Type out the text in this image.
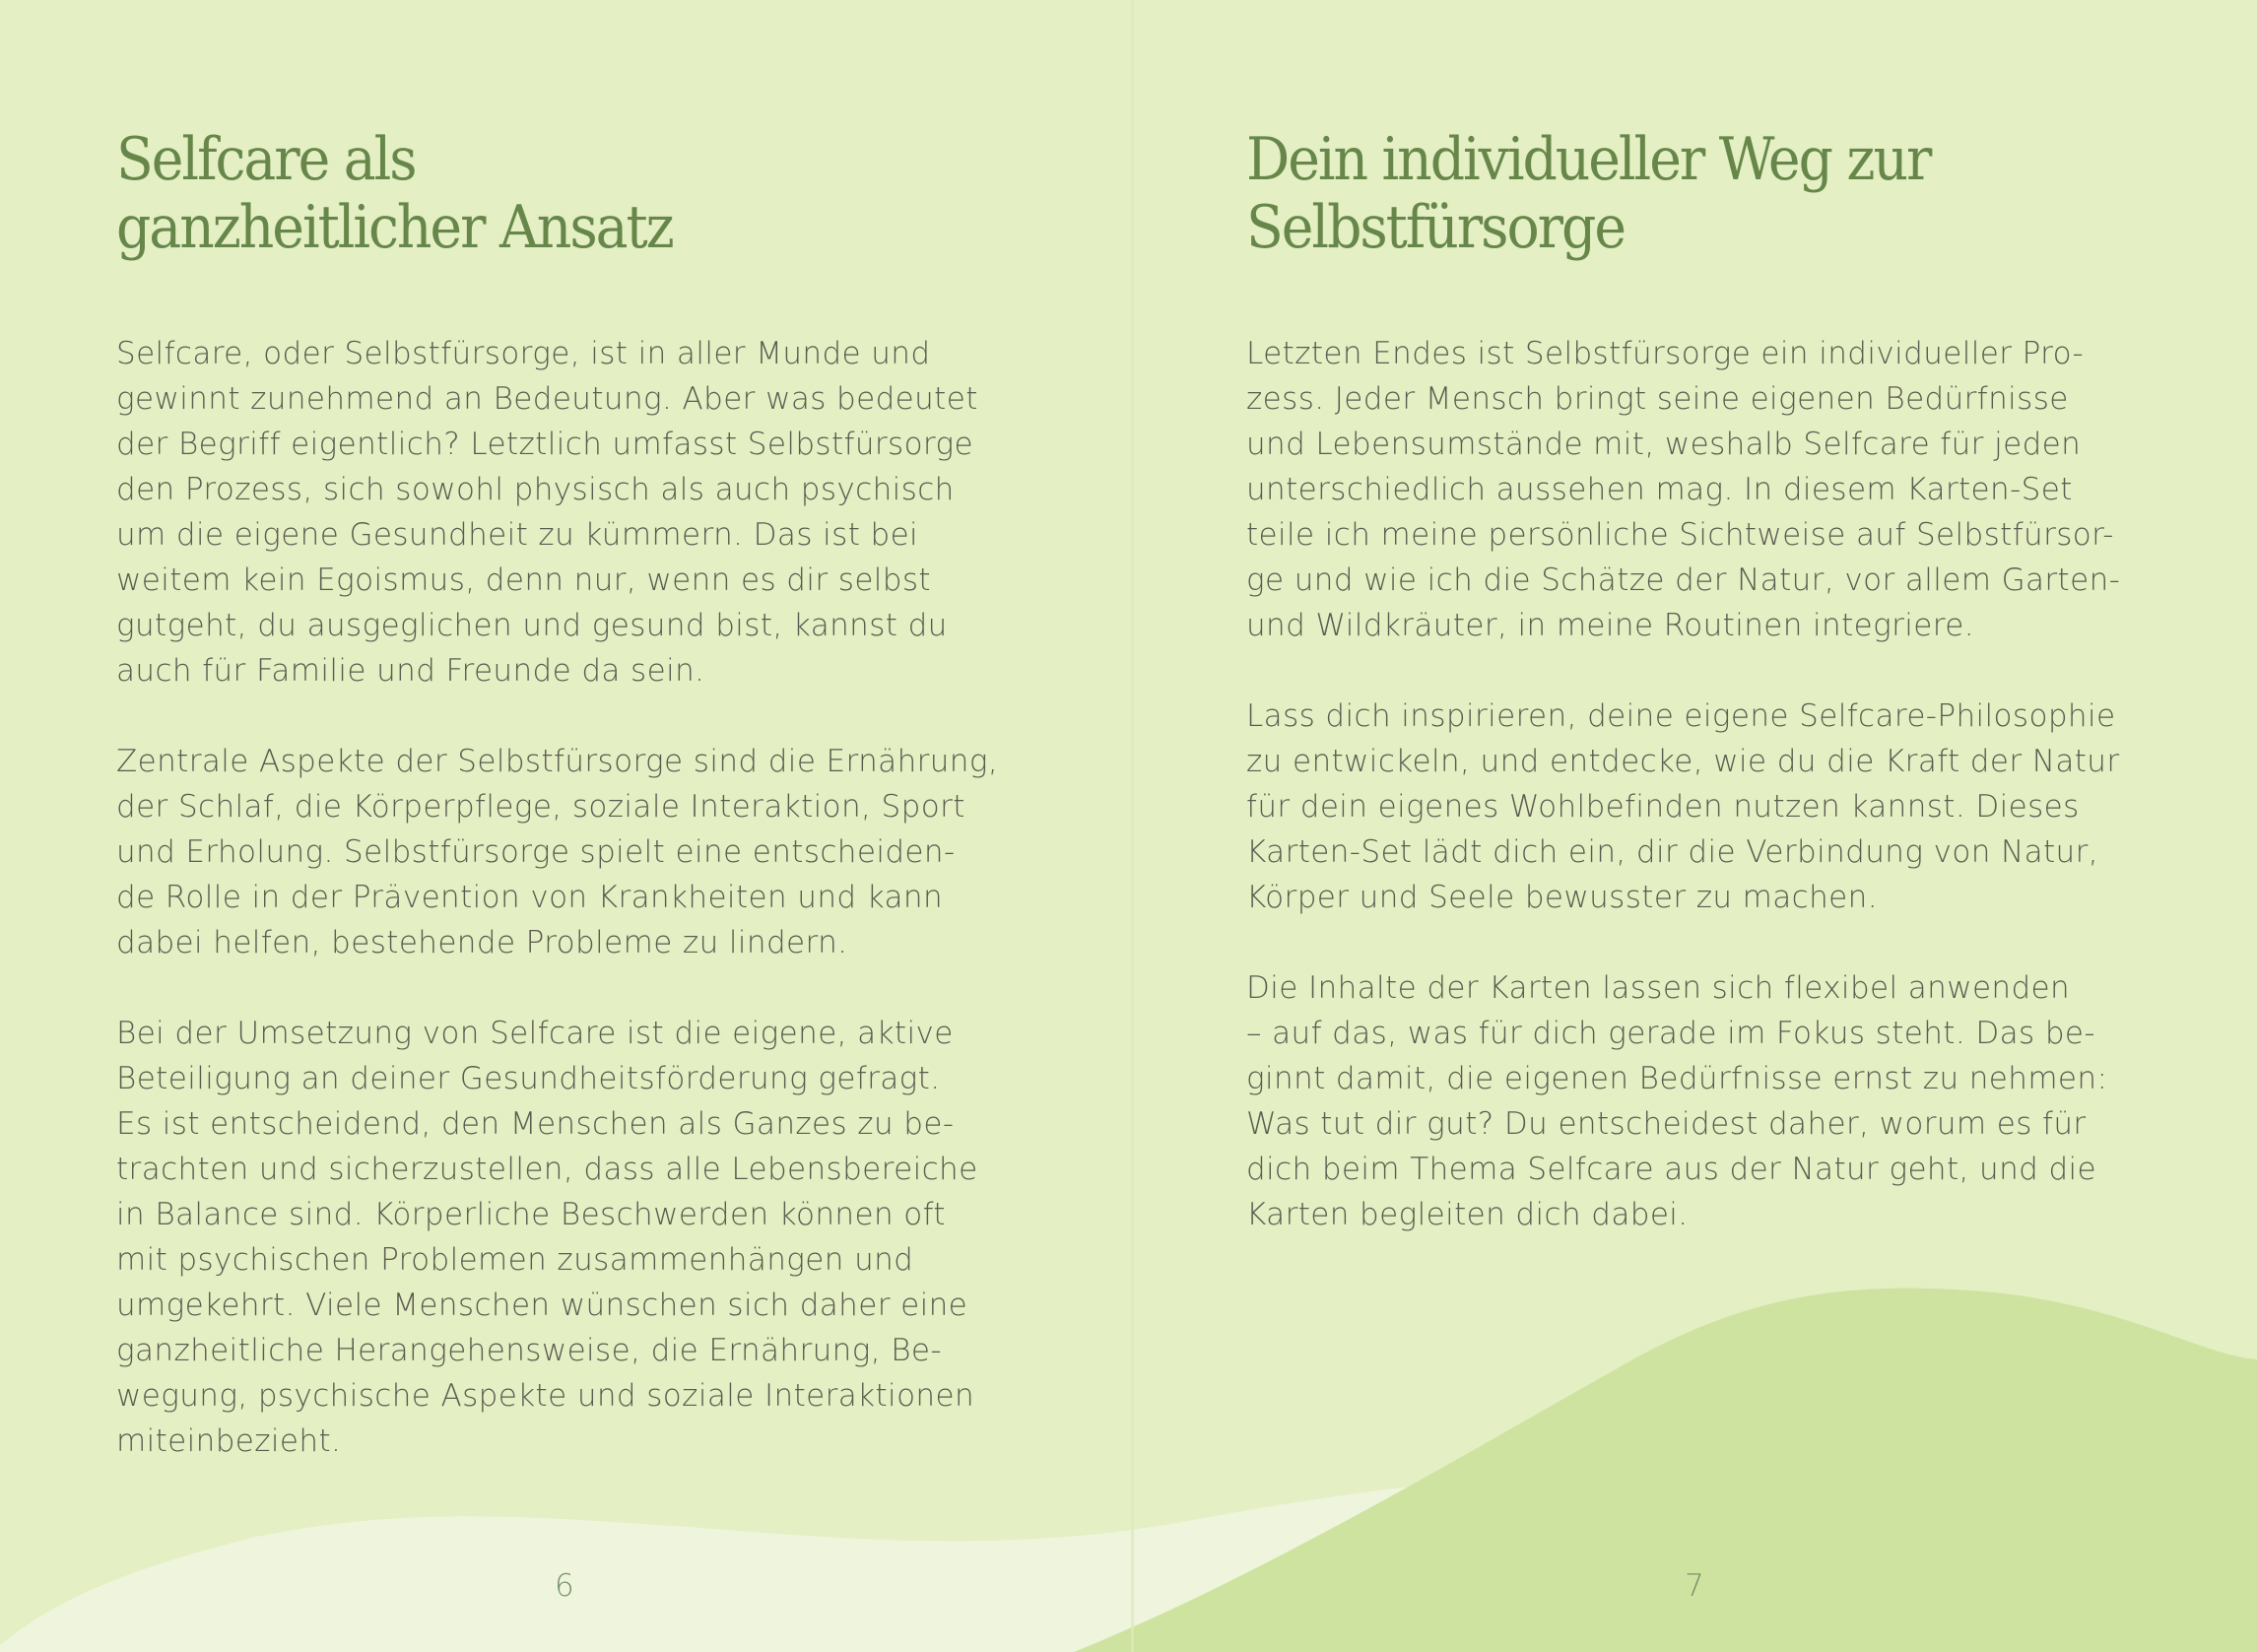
Selfcare als
ganzheitlicher Ansatz

Selfcare, oder Selbstfürsorge, ist in aller Munde und
gewinnt zunehmend an Bedeutung. Aber was bedeutet
der Begriff eigentlich? Letztlich umfasst Selbstfürsorge
den Prozess, sich sowohl physisch als auch psychisch
um die eigene Gesundheit zu kümmern. Das ist bei
weitem kein Egoismus, denn nur, wenn es dir selbst
gutgeht, du ausgeglichen und gesund bist, kannst du
auch für Familie und Freunde da sein.

Zentrale Aspekte der Selbstfürsorge sind die Ernährung,
der Schlaf, die Körperpflege, soziale Interaktion, Sport
und Erholung. Selbstfürsorge spielt eine entscheiden-
de Rolle in der Prävention von Krankheiten und kann
dabei helfen, bestehende Probleme zu lindern.

Bei der Umsetzung von Selfcare ist die eigene, aktive
Beteiligung an deiner Gesundheitsförderung gefragt.
Es ist entscheidend, den Menschen als Ganzes zu be-
trachten und sicherzustellen, dass alle Lebensbereiche
in Balance sind. Körperliche Beschwerden können oft
mit psychischen Problemen zusammenhängen und
umgekehrt. Viele Menschen wünschen sich daher eine
ganzheitliche Herangehensweise, die Ernährung, Be-
wegung, psychische Aspekte und soziale Interaktionen
miteinbezieht.

6
Dein individueller Weg zur
Selbstfürsorge

Letzten Endes ist Selbstfürsorge ein individueller Pro-
zess. Jeder Mensch bringt seine eigenen Bedürfnisse
und Lebensumstände mit, weshalb Selfcare für jeden
unterschiedlich aussehen mag. In diesem Karten-Set
teile ich meine persönliche Sichtweise auf Selbstfürsor-
ge und wie ich die Schätze der Natur, vor allem Garten-
und Wildkräuter, in meine Routinen integriere.

Lass dich inspirieren, deine eigene Selfcare-Philosophie
zu entwickeln, und entdecke, wie du die Kraft der Natur
für dein eigenes Wohlbefinden nutzen kannst. Dieses
Karten-Set lädt dich ein, dir die Verbindung von Natur,
Körper und Seele bewusster zu machen.

Die Inhalte der Karten lassen sich flexibel anwenden
– auf das, was für dich gerade im Fokus steht. Das be-
ginnt damit, die eigenen Bedürfnisse ernst zu nehmen:
Was tut dir gut? Du entscheidest daher, worum es für
dich beim Thema Selfcare aus der Natur geht, und die
Karten begleiten dich dabei.

7
